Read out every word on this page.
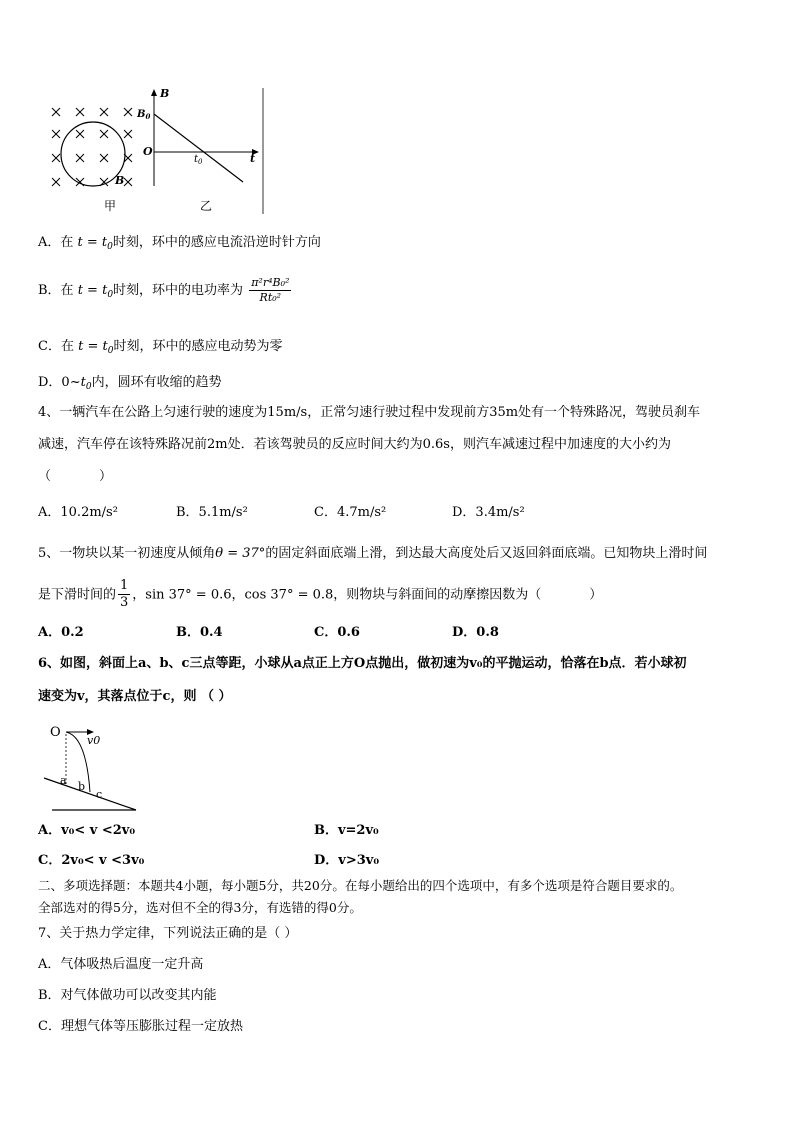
B
$B_0$
O
$t_0$	t
B
甲	乙
A．在 $t = t_0$时刻，环中的感应电流沿逆时针方向
B．在 $t = t_0$时刻，环中的电功率为 $\frac{\text{π²r⁴B₀²}}{\text{Rt₀²}}$
C．在 $t = t_0$时刻，环中的感应电动势为零
D．$0\sim t_0$内，圆环有收缩的趋势
4、一辆汽车在公路上匀速行驶的速度为15m/s，正常匀速行驶过程中发现前方35m处有一个特殊路况，驾驶员刹车
减速，汽车停在该特殊路况前2m处．若该驾驶员的反应时间大约为0.6s，则汽车减速过程中加速度的大小约为
（	）
A．10.2m/s²	B．5.1m/s²	C．4.7m/s²	D．3.4m/s²
5、一物块以某一初速度从倾角θ = 37°的固定斜面底端上滑，到达最大高度处后又返回斜面底端。已知物块上滑时间
是下滑时间的 $\frac{1}{3}$ ，sin 37° = 0.6，cos 37° = 0.8，则物块与斜面间的动摩擦因数为（	）
A．0.2	B．0.4	C．0.6	D．0.8
6、如图，斜面上a、b、c三点等距，小球从a点正上方O点抛出，做初速为v₀的平抛运动，恰落在b点．若小球初
速变为v，其落点位于c，则 （ ）
O
v0
a b
c
A．v₀< v <2v₀	B．v=2v₀
C．2v₀< v <3v₀	D．v>3v₀
二、多项选择题：本题共4小题，每小题5分，共20分。在每小题给出的四个选项中，有多个选项是符合题目要求的。
全部选对的得5分，选对但不全的得3分，有选错的得0分。
7、关于热力学定律，下列说法正确的是（ ）
A．气体吸热后温度一定升高
B．对气体做功可以改变其内能
C．理想气体等压膨胀过程一定放热
